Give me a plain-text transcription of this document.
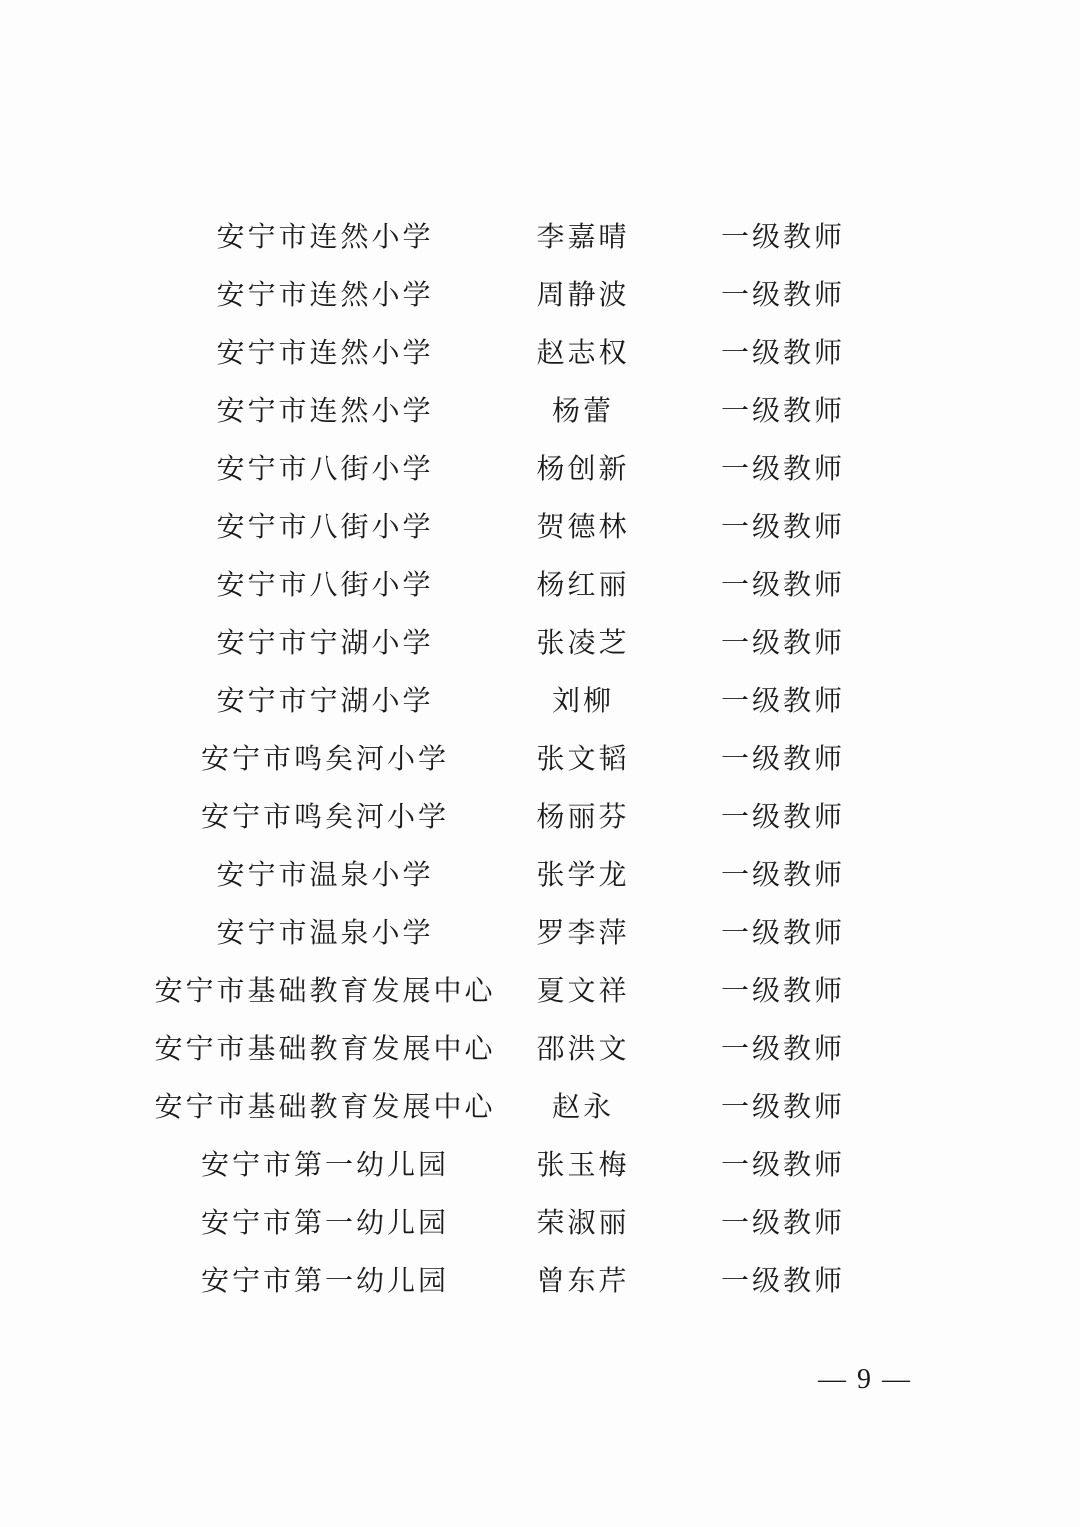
安宁市连然小学	李嘉晴	一级教师
安宁市连然小学	周静波	一级教师
安宁市连然小学	赵志权	一级教师
安宁市连然小学	杨蕾	一级教师
安宁市八街小学	杨创新	一级教师
安宁市八街小学	贺德林	一级教师
安宁市八街小学	杨红丽	一级教师
安宁市宁湖小学	张凌芝	一级教师
安宁市宁湖小学	刘柳	一级教师
安宁市鸣矣河小学	张文韬	一级教师
安宁市鸣矣河小学	杨丽芬	一级教师
安宁市温泉小学	张学龙	一级教师
安宁市温泉小学	罗李萍	一级教师
安宁市基础教育发展中心	夏文祥	一级教师
安宁市基础教育发展中心	邵洪文	一级教师
安宁市基础教育发展中心	赵永	一级教师
安宁市第一幼儿园	张玉梅	一级教师
安宁市第一幼儿园	荣淑丽	一级教师
安宁市第一幼儿园	曾东芹	一级教师
— 9 —
